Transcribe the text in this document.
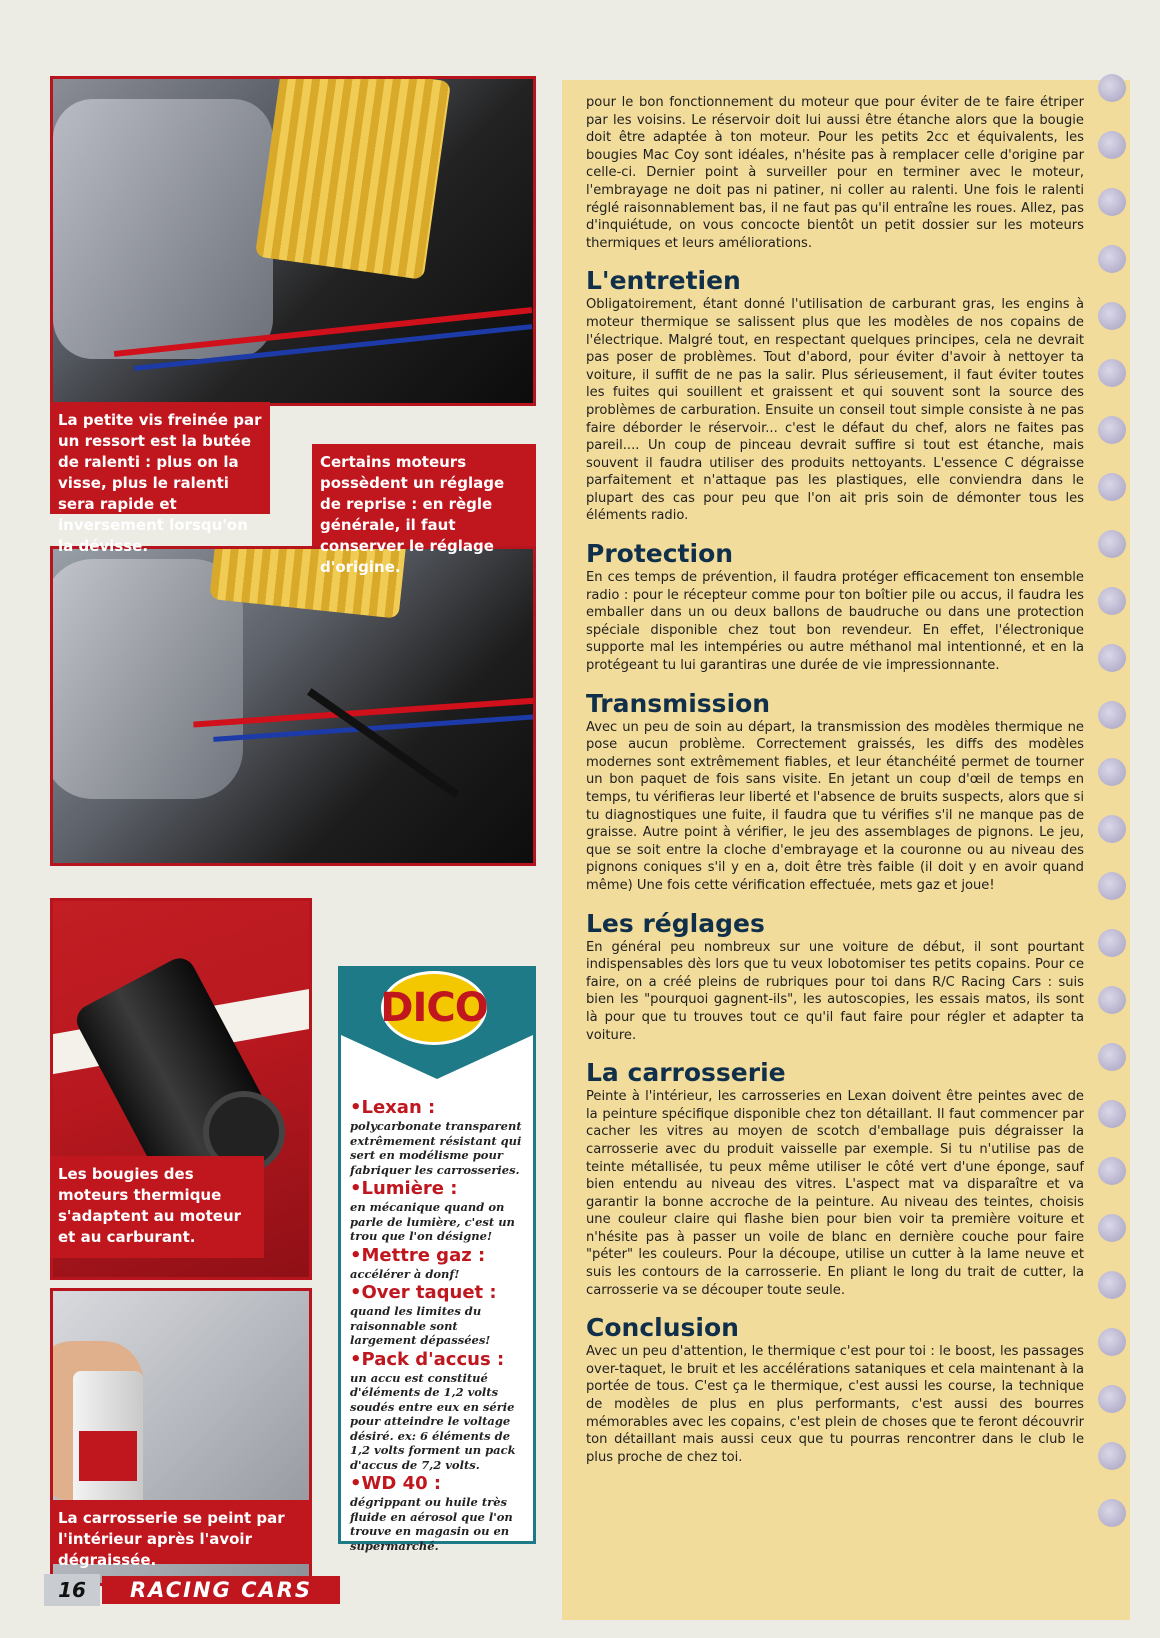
La petite vis freinée par un ressort est la butée de ralenti : plus on la visse, plus le ralenti sera rapide et inversement lorsqu'on la dévisse.
Certains moteurs possèdent un réglage de reprise : en règle générale, il faut conserver le réglage d'origine.
Les bougies des moteurs thermique s'adaptent au moteur et au carburant.
La carrosserie se peint par l'intérieur après l'avoir dégraissée.
DICO
•Lexan :
polycarbonate transparent extrêmement résistant qui sert en modélisme pour fabriquer les carrosseries.
•Lumière :
en mécanique quand on parle de lumière, c'est un trou que l'on désigne!
•Mettre gaz :
accélérer à donf!
•Over taquet :
quand les limites du raisonnable sont largement dépassées!
•Pack d'accus :
un accu est constitué d'éléments de 1,2 volts soudés entre eux en série pour atteindre le voltage désiré. ex: 6 éléments de 1,2 volts forment un pack d'accus de 7,2 volts.
•WD 40 :
dégrippant ou huile très fluide en aérosol que l'on trouve en magasin ou en supermarché.

pour le bon fonctionnement du moteur que pour éviter de te faire étriper par les voisins. Le réservoir doit lui aussi être étanche alors que la bougie doit être adaptée à ton moteur. Pour les petits 2cc et équivalents, les bougies Mac Coy sont idéales, n'hésite pas à remplacer celle d'origine par celle-ci. Dernier point à surveiller pour en terminer avec le moteur, l'embrayage ne doit pas ni patiner, ni coller au ralenti. Une fois le ralenti réglé raisonnablement bas, il ne faut pas qu'il entraîne les roues. Allez, pas d'inquiétude, on vous concocte bientôt un petit dossier sur les moteurs thermiques et leurs améliorations.

L'entretien

Obligatoirement, étant donné l'utilisation de carburant gras, les engins à moteur thermique se salissent plus que les modèles de nos copains de l'électrique. Malgré tout, en respectant quelques principes, cela ne devrait pas poser de problèmes. Tout d'abord, pour éviter d'avoir à nettoyer ta voiture, il suffit de ne pas la salir. Plus sérieusement, il faut éviter toutes les fuites qui souillent et graissent et qui souvent sont la source des problèmes de carburation. Ensuite un conseil tout simple consiste à ne pas faire déborder le réservoir... c'est le défaut du chef, alors ne faites pas pareil.... Un coup de pinceau devrait suffire si tout est étanche, mais souvent il faudra utiliser des produits nettoyants. L'essence C dégraisse parfaitement et n'attaque pas les plastiques, elle conviendra dans le plupart des cas pour peu que l'on ait pris soin de démonter tous les éléments radio.

Protection

En ces temps de prévention, il faudra protéger efficacement ton ensemble radio : pour le récepteur comme pour ton boîtier pile ou accus, il faudra les emballer dans un ou deux ballons de baudruche ou dans une protection spéciale disponible chez tout bon revendeur. En effet, l'électronique supporte mal les intempéries ou autre méthanol mal intentionné, et en la protégeant tu lui garantiras une durée de vie impressionnante.

Transmission

Avec un peu de soin au départ, la transmission des modèles thermique ne pose aucun problème. Correctement graissés, les diffs des modèles modernes sont extrêmement fiables, et leur étanchéité permet de tourner un bon paquet de fois sans visite. En jetant un coup d'œil de temps en temps, tu vérifieras leur liberté et l'absence de bruits suspects, alors que si tu diagnostiques une fuite, il faudra que tu vérifies s'il ne manque pas de graisse. Autre point à vérifier, le jeu des assemblages de pignons. Le jeu, que se soit entre la cloche d'embrayage et la couronne ou au niveau des pignons coniques s'il y en a, doit être très faible (il doit y en avoir quand même) Une fois cette vérification effectuée, mets gaz et joue!

Les réglages

En général peu nombreux sur une voiture de début, il sont pourtant indispensables dès lors que tu veux lobotomiser tes petits copains. Pour ce faire, on a créé pleins de rubriques pour toi dans R/C Racing Cars : suis bien les "pourquoi gagnent-ils", les autoscopies, les essais matos, ils sont là pour que tu trouves tout ce qu'il faut faire pour régler et adapter ta voiture.

La carrosserie

Peinte à l'intérieur, les carrosseries en Lexan doivent être peintes avec de la peinture spécifique disponible chez ton détaillant. Il faut commencer par cacher les vitres au moyen de scotch d'emballage puis dégraisser la carrosserie avec du produit vaisselle par exemple. Si tu n'utilise pas de teinte métallisée, tu peux même utiliser le côté vert d'une éponge, sauf bien entendu au niveau des vitres. L'aspect mat va disparaître et va garantir la bonne accroche de la peinture. Au niveau des teintes, choisis une couleur claire qui flashe bien pour bien voir ta première voiture et n'hésite pas à passer un voile de blanc en dernière couche pour faire "péter" les couleurs. Pour la découpe, utilise un cutter à la lame neuve et suis les contours de la carrosserie. En pliant le long du trait de cutter, la carrosserie va se découper toute seule.

Conclusion

Avec un peu d'attention, le thermique c'est pour toi : le boost, les passages over-taquet, le bruit et les accélérations sataniques et cela maintenant à la portée de tous. C'est ça le thermique, c'est aussi les course, la technique de modèles de plus en plus performants, c'est aussi des bourres mémorables avec les copains, c'est plein de choses que te feront découvrir ton détaillant mais aussi ceux que tu pourras rencontrer dans le club le plus proche de chez toi.

16	RACING CARS
